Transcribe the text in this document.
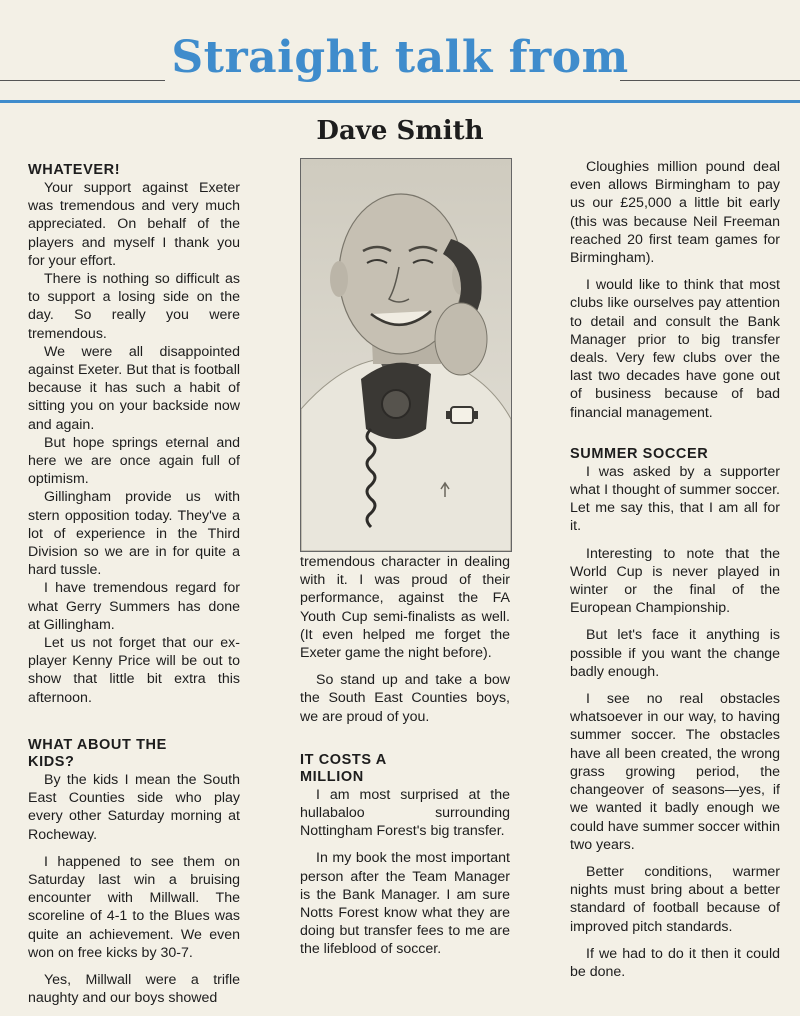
Straight talk from
Dave Smith
WHATEVER!

Your support against Exeter was tremendous and very much appreciated. On behalf of the players and myself I thank you for your effort.

There is nothing so difficult as to support a losing side on the day. So really you were tremendous.

We were all disappointed against Exeter. But that is football because it has such a habit of sitting you on your backside now and again.

But hope springs eternal and here we are once again full of optimism.

Gillingham provide us with stern opposition today. They've a lot of experience in the Third Division so we are in for quite a hard tussle.

I have tremendous regard for what Gerry Summers has done at Gillingham.

Let us not forget that our ex-player Kenny Price will be out to show that little bit extra this afternoon.

WHAT ABOUT THE KIDS?

By the kids I mean the South East Counties side who play every other Saturday morning at Rocheway.

I happened to see them on Saturday last win a bruising encounter with Millwall. The scoreline of 4-1 to the Blues was quite an achievement. We even won on free kicks by 30-7.

Yes, Millwall were a trifle naughty and our boys showed

tremendous character in dealing with it. I was proud of their performance, against the FA Youth Cup semi-finalists as well. (It even helped me forget the Exeter game the night before).

So stand up and take a bow the South East Counties boys, we are proud of you.

IT COSTS A MILLION

I am most surprised at the hullabaloo surrounding Nottingham Forest's big transfer.

In my book the most important person after the Team Manager is the Bank Manager. I am sure Notts Forest know what they are doing but transfer fees to me are the lifeblood of soccer.

Cloughies million pound deal even allows Birmingham to pay us our £25,000 a little bit early (this was because Neil Freeman reached 20 first team games for Birmingham).

I would like to think that most clubs like ourselves pay attention to detail and consult the Bank Manager prior to big transfer deals. Very few clubs over the last two decades have gone out of business because of bad financial management.

SUMMER SOCCER

I was asked by a supporter what I thought of summer soccer. Let me say this, that I am all for it.

Interesting to note that the World Cup is never played in winter or the final of the European Championship.

But let's face it anything is possible if you want the change badly enough.

I see no real obstacles whatsoever in our way, to having summer soccer. The obstacles have all been created, the wrong grass growing period, the changeover of seasons—yes, if we wanted it badly enough we could have summer soccer within two years.

Better conditions, warmer nights must bring about a better standard of football because of improved pitch standards.

If we had to do it then it could be done.
